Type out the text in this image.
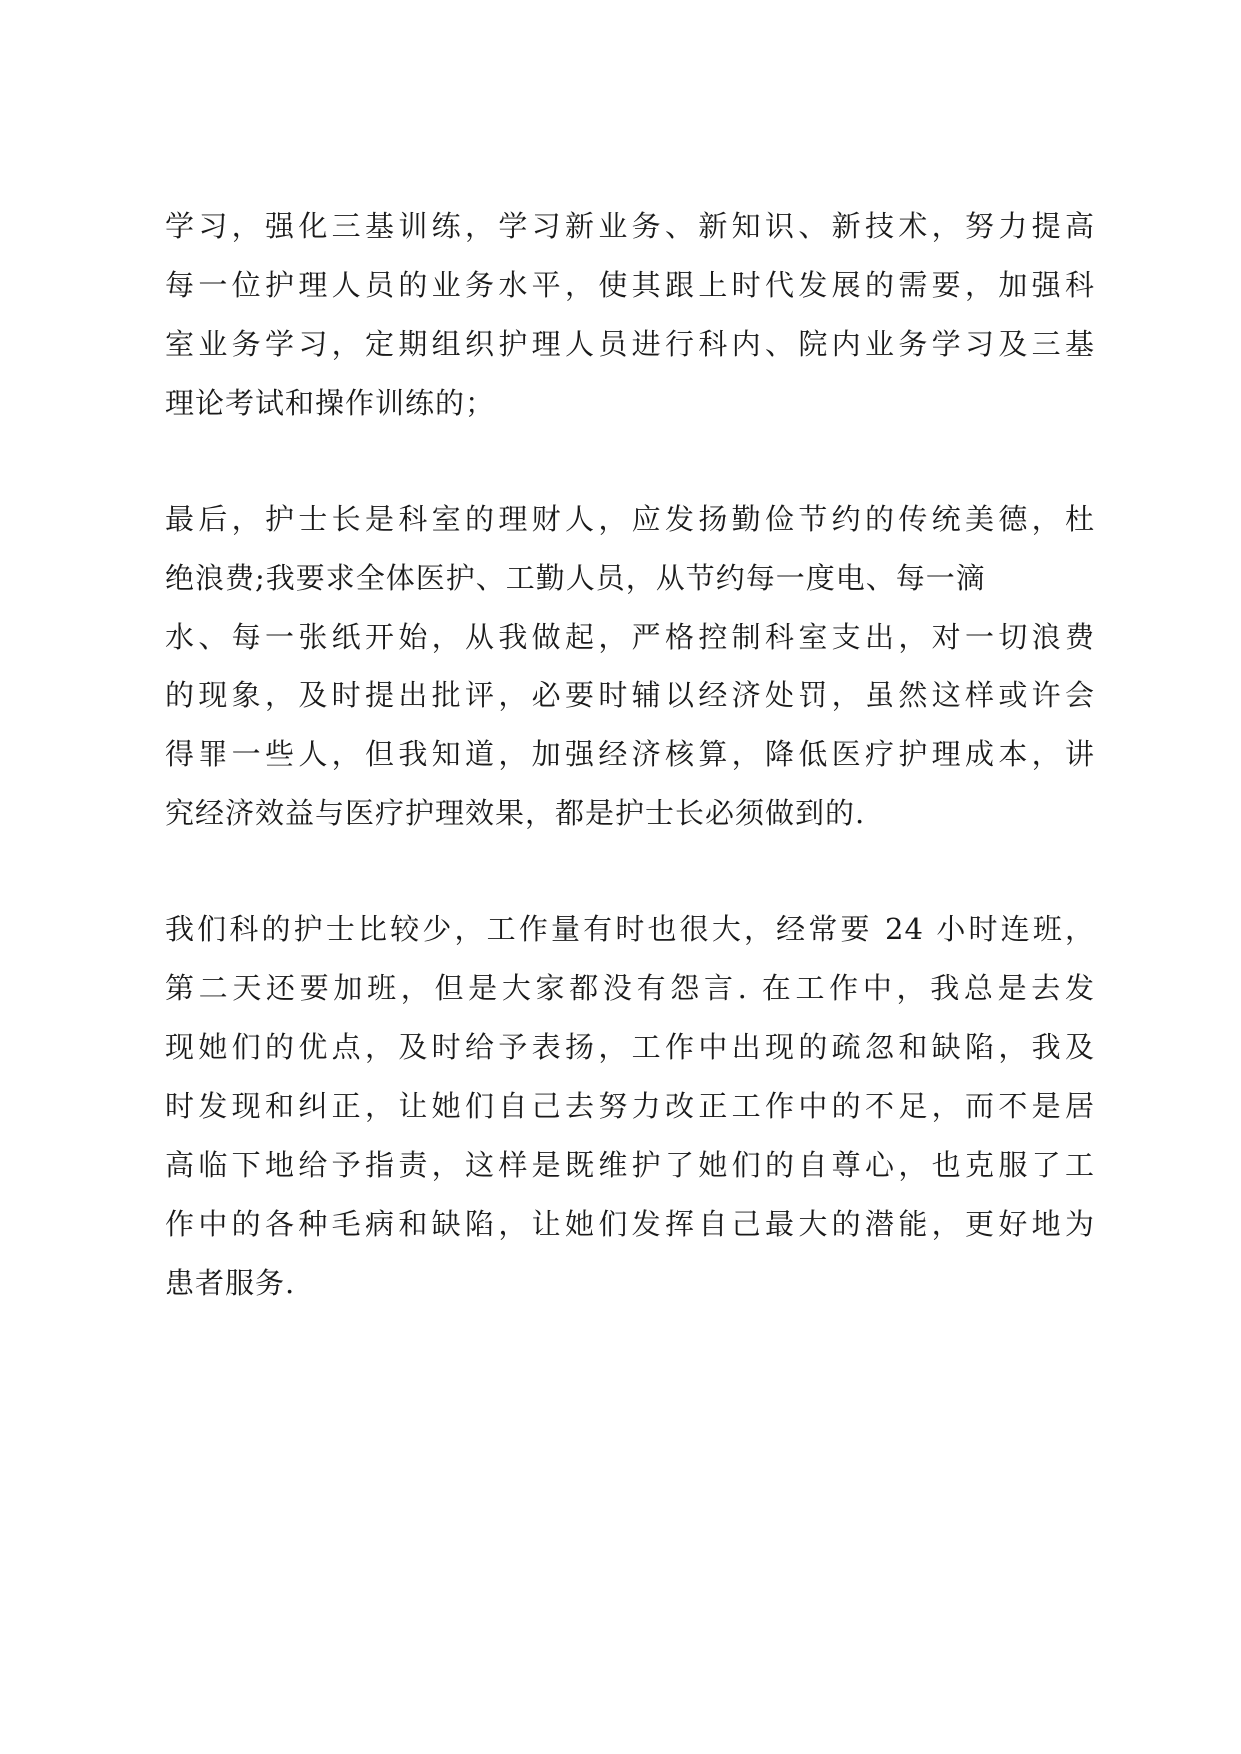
学习，强化三基训练，学习新业务、新知识、新技术，努力提高
每一位护理人员的业务水平，使其跟上时代发展的需要，加强科
室业务学习，定期组织护理人员进行科内、院内业务学习及三基
理论考试和操作训练的；
最后，护士长是科室的理财人，应发扬勤俭节约的传统美德，杜
绝浪费;我要求全体医护、工勤人员，从节约每一度电、每一滴
水、每一张纸开始，从我做起，严格控制科室支出，对一切浪费
的现象，及时提出批评，必要时辅以经济处罚，虽然这样或许会
得罪一些人，但我知道，加强经济核算，降低医疗护理成本，讲
究经济效益与医疗护理效果，都是护士长必须做到的.
我们科的护士比较少，工作量有时也很大，经常要 24 小时连班，
第二天还要加班，但是大家都没有怨言. 在工作中，我总是去发
现她们的优点，及时给予表扬，工作中出现的疏忽和缺陷，我及
时发现和纠正，让她们自己去努力改正工作中的不足，而不是居
高临下地给予指责，这样是既维护了她们的自尊心，也克服了工
作中的各种毛病和缺陷，让她们发挥自己最大的潜能，更好地为
患者服务.
